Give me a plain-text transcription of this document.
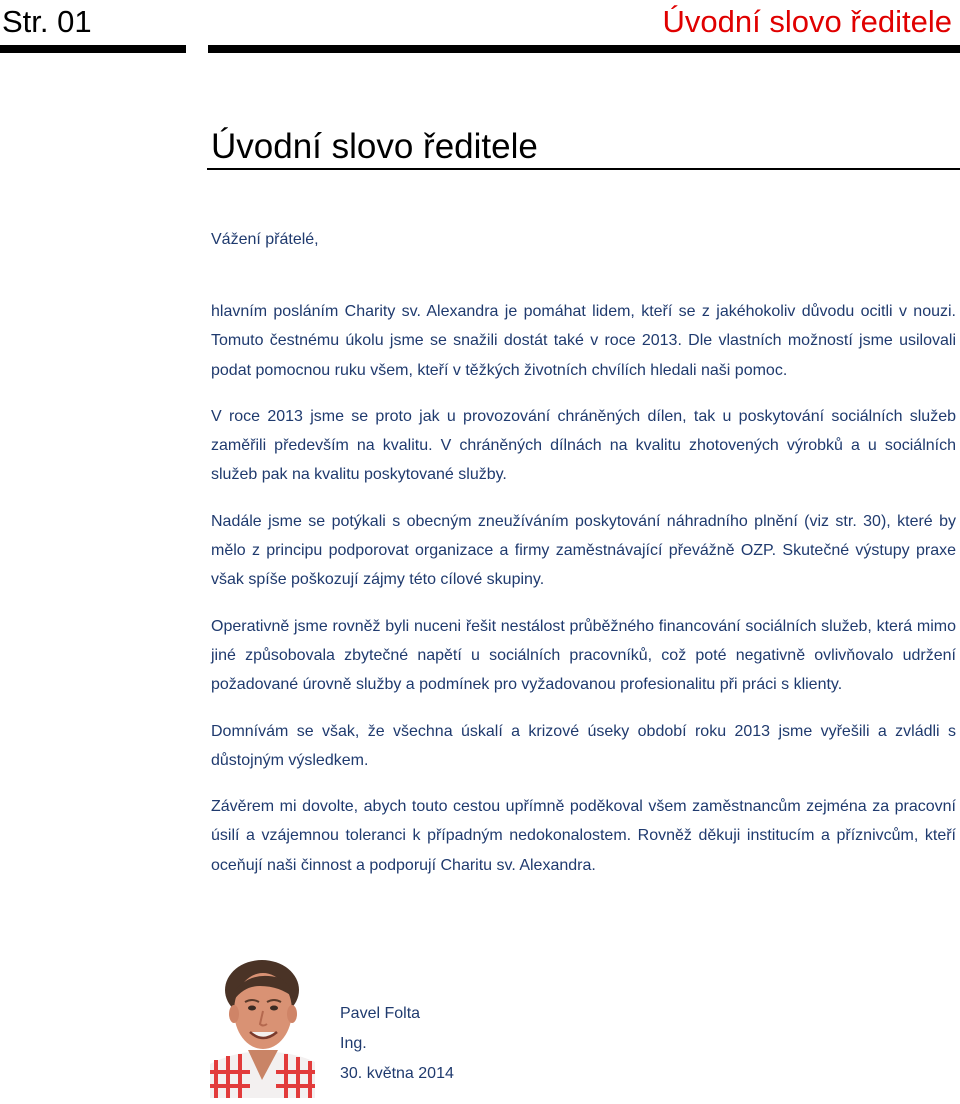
Str. 01	Úvodní slovo ředitele
Úvodní slovo ředitele
Vážení přátelé,

hlavním posláním Charity sv. Alexandra je pomáhat lidem, kteří se z jakéhokoliv důvodu ocitli v nouzi. Tomuto čestnému úkolu jsme se snažili dostát také v roce 2013. Dle vlastních možností jsme usilovali podat pomocnou ruku všem, kteří v těžkých životních chvílích hledali naši pomoc.

V roce 2013 jsme se proto jak u provozování chráněných dílen, tak u poskytování sociálních služeb zaměřili především na kvalitu. V chráněných dílnách na kvalitu zhotovených výrobků a u sociálních služeb pak na kvalitu poskytované služby.

Nadále jsme se potýkali s obecným zneužíváním poskytování náhradního plnění (viz str. 30), které by mělo z principu podporovat organizace a firmy zaměstnávající převážně OZP. Skutečné výstupy praxe však spíše poškozují zájmy této cílové skupiny.

Operativně jsme rovněž byli nuceni řešit nestálost průběžného financování sociálních služeb, která mimo jiné způsobovala zbytečné napětí u sociálních pracovníků, což poté negativně ovlivňovalo udržení požadované úrovně služby a podmínek pro vyžadovanou profesionalitu při práci s klienty.

Domnívám se však, že všechna úskalí a krizové úseky období roku 2013 jsme vyřešili a zvládli s důstojným výsledkem.

Závěrem mi dovolte, abych touto cestou upřímně poděkoval všem zaměstnancům zejména za pracovní úsilí a vzájemnou toleranci k případným nedokonalostem. Rovněž děkuji institucím a příznivcům, kteří oceňují naši činnost a podporují Charitu sv. Alexandra.

Pavel Folta
Ing.
30. května 2014
